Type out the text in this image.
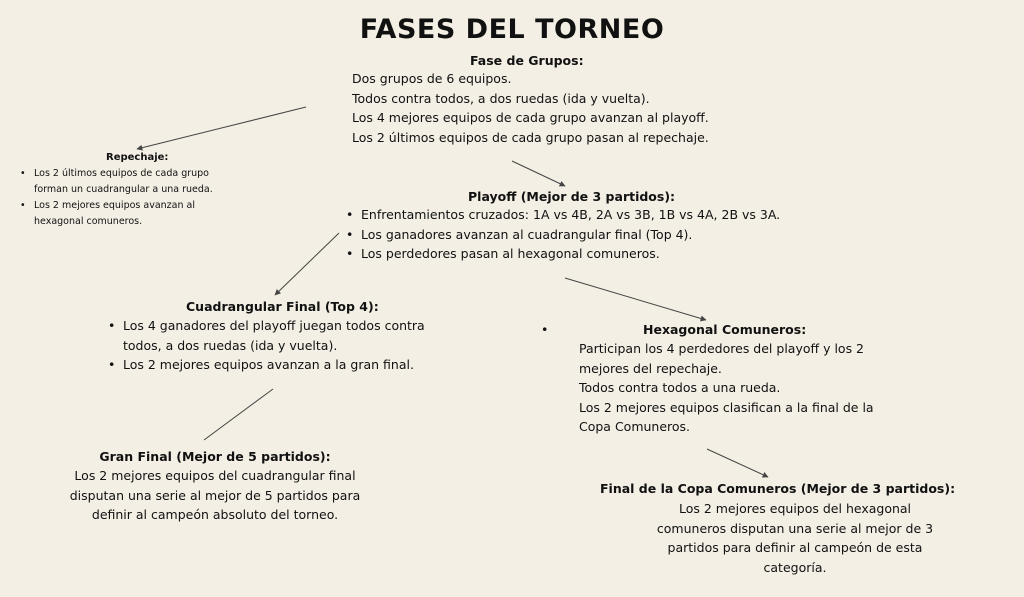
FASES DEL TORNEO
Fase de Grupos:
Dos grupos de 6 equipos.
Todos contra todos, a dos ruedas (ida y vuelta).
Los 4 mejores equipos de cada grupo avanzan al playoff.
Los 2 últimos equipos de cada grupo pasan al repechaje.
Repechaje:
• Los 2 últimos equipos de cada grupo
forman un cuadrangular a una rueda.
• Los 2 mejores equipos avanzan al
hexagonal comuneros.
Playoff (Mejor de 3 partidos):
• Enfrentamientos cruzados: 1A vs 4B, 2A vs 3B, 1B vs 4A, 2B vs 3A.
• Los ganadores avanzan al cuadrangular final (Top 4).
• Los perdedores pasan al hexagonal comuneros.
Cuadrangular Final (Top 4):
• Los 4 ganadores del playoff juegan todos contra
todos, a dos ruedas (ida y vuelta).
• Los 2 mejores equipos avanzan a la gran final.
•	Hexagonal Comuneros:
Participan los 4 perdedores del playoff y los 2
mejores del repechaje.
Todos contra todos a una rueda.
Los 2 mejores equipos clasifican a la final de la
Copa Comuneros.
Gran Final (Mejor de 5 partidos):
Los 2 mejores equipos del cuadrangular final
disputan una serie al mejor de 5 partidos para
definir al campeón absoluto del torneo.
Final de la Copa Comuneros (Mejor de 3 partidos):
Los 2 mejores equipos del hexagonal
comuneros disputan una serie al mejor de 3
partidos para definir al campeón de esta
categoría.
